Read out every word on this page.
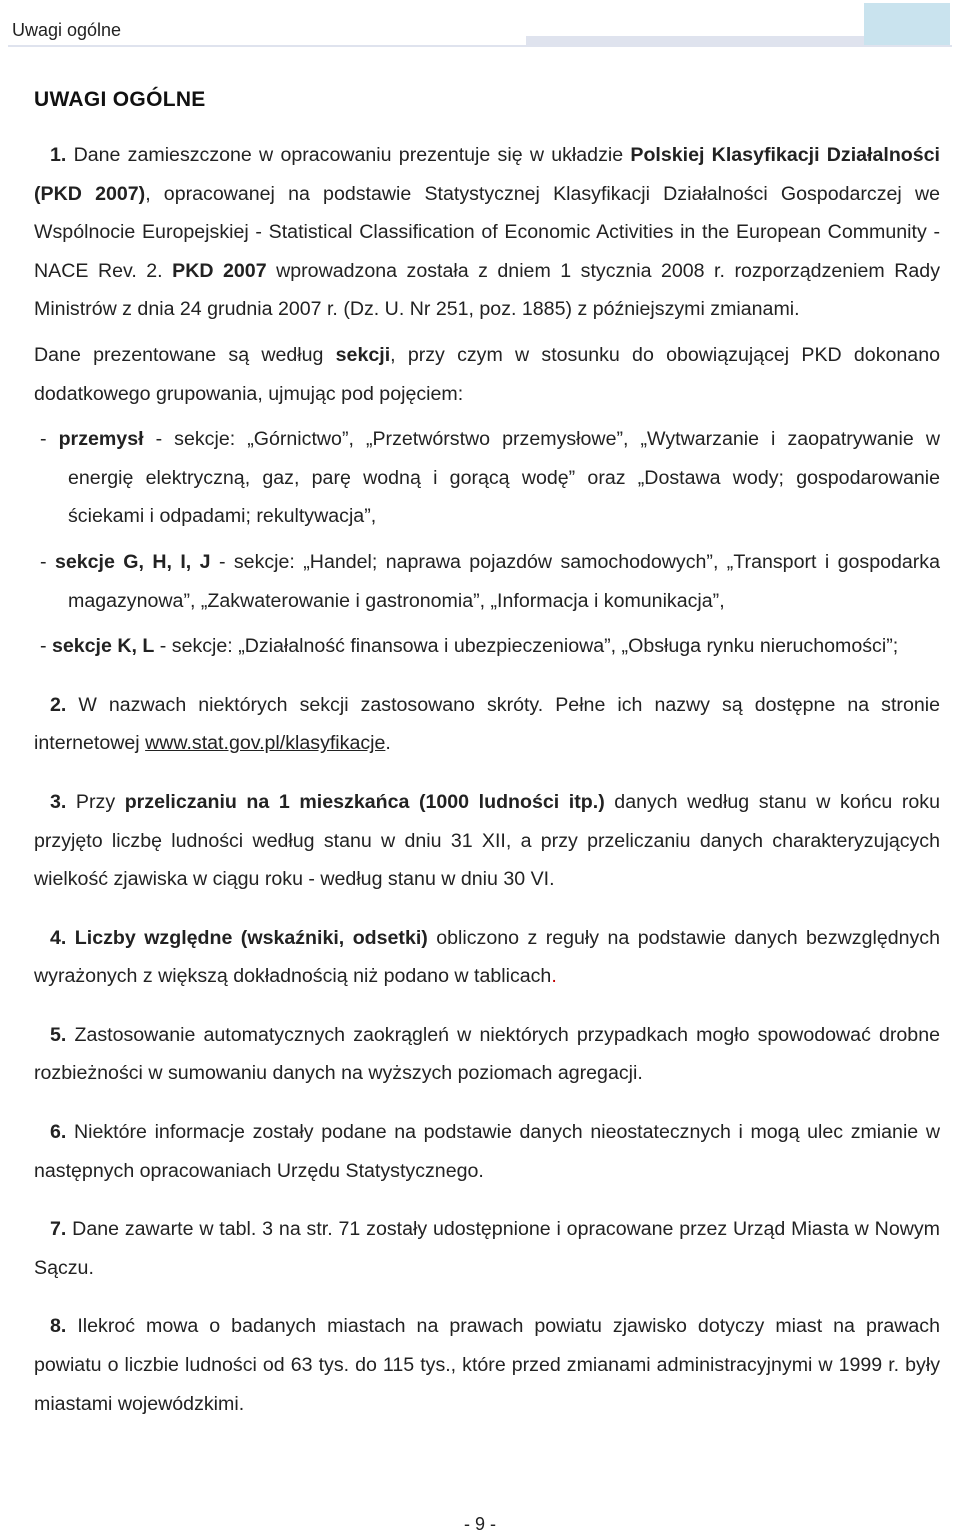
Uwagi ogólne
UWAGI OGÓLNE

1. Dane zamieszczone w opracowaniu prezentuje się w układzie Polskiej Klasyfikacji Działalności (PKD 2007), opracowanej na podstawie Statystycznej Klasyfikacji Działalności Gospodarczej we Wspólnocie Europejskiej - Statistical Classification of Economic Activities in the European Community - NACE Rev. 2. PKD 2007 wprowadzona została z dniem 1 stycznia 2008 r. rozporządzeniem Rady Ministrów z dnia 24 grudnia 2007 r. (Dz. U. Nr 251, poz. 1885) z późniejszymi zmianami.

Dane prezentowane są według sekcji, przy czym w stosunku do obowiązującej PKD dokonano dodatkowego grupowania, ujmując pod pojęciem:

- przemysł - sekcje: „Górnictwo”, „Przetwórstwo przemysłowe”, „Wytwarzanie i zaopatrywanie w energię elektryczną, gaz, parę wodną i gorącą wodę” oraz „Dostawa wody; gospodarowanie ściekami i odpadami; rekultywacja”,

- sekcje G, H, I, J - sekcje: „Handel; naprawa pojazdów samochodowych”, „Transport i gospodarka magazynowa”, „Zakwaterowanie i gastronomia”, „Informacja i komunikacja”,

- sekcje K, L - sekcje: „Działalność finansowa i ubezpieczeniowa”, „Obsługa rynku nieruchomości”;

2. W nazwach niektórych sekcji zastosowano skróty. Pełne ich nazwy są dostępne na stronie internetowej www.stat.gov.pl/klasyfikacje.

3. Przy przeliczaniu na 1 mieszkańca (1000 ludności itp.) danych według stanu w końcu roku przyjęto liczbę ludności według stanu w dniu 31 XII, a przy przeliczaniu danych charakteryzujących wielkość zjawiska w ciągu roku - według stanu w dniu 30 VI.

4. Liczby względne (wskaźniki, odsetki) obliczono z reguły na podstawie danych bezwzględnych wyrażonych z większą dokładnością niż podano w tablicach.

5. Zastosowanie automatycznych zaokrągleń w niektórych przypadkach mogło spowodować drobne rozbieżności w sumowaniu danych na wyższych poziomach agregacji.

6. Niektóre informacje zostały podane na podstawie danych nieostatecznych i mogą ulec zmianie w następnych opracowaniach Urzędu Statystycznego.

7. Dane zawarte w tabl. 3 na str. 71 zostały udostępnione i opracowane przez Urząd Miasta w Nowym Sączu.

8. Ilekroć mowa o badanych miastach na prawach powiatu zjawisko dotyczy miast na prawach powiatu o liczbie ludności od 63 tys. do 115 tys., które przed zmianami administracyjnymi w 1999 r. były miastami wojewódzkimi.

- 9 -
